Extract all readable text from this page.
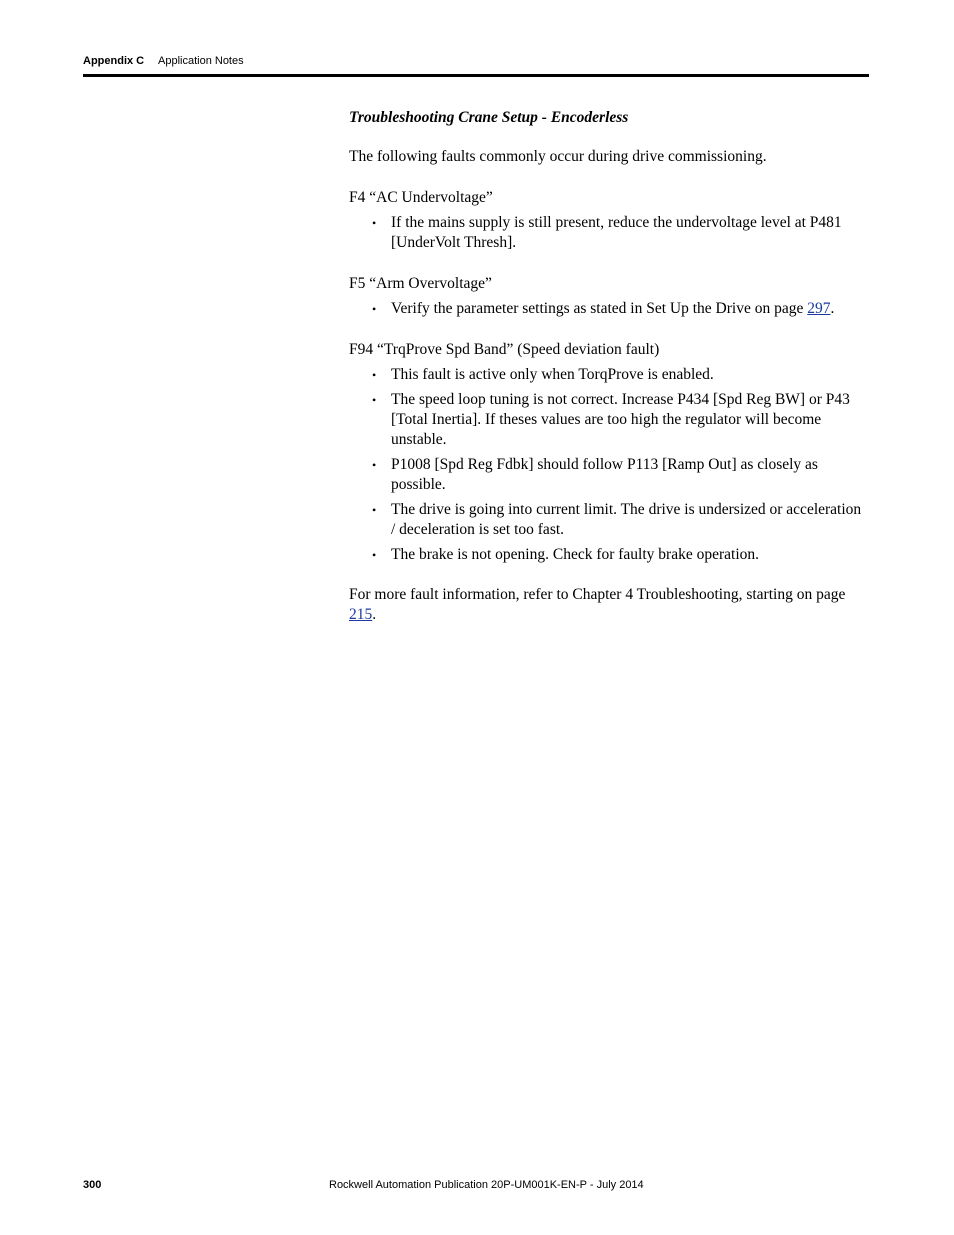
Appendix C Application Notes
Troubleshooting Crane Setup - Encoderless

The following faults commonly occur during drive commissioning.

F4 “AC Undervoltage”

• If the mains supply is still present, reduce the undervoltage level at P481 [UnderVolt Thresh].

F5 “Arm Overvoltage”

• Verify the parameter settings as stated in Set Up the Drive on page 297.

F94 “TrqProve Spd Band” (Speed deviation fault)

• This fault is active only when TorqProve is enabled.
• The speed loop tuning is not correct. Increase P434 [Spd Reg BW] or P43 [Total Inertia]. If theses values are too high the regulator will become unstable.
• P1008 [Spd Reg Fdbk] should follow P113 [Ramp Out] as closely as possible.
• The drive is going into current limit. The drive is undersized or acceleration / deceleration is set too fast.
• The brake is not opening. Check for faulty brake operation.

For more fault information, refer to Chapter 4 Troubleshooting, starting on page 215.

300	Rockwell Automation Publication 20P-UM001K-EN-P - July 2014
